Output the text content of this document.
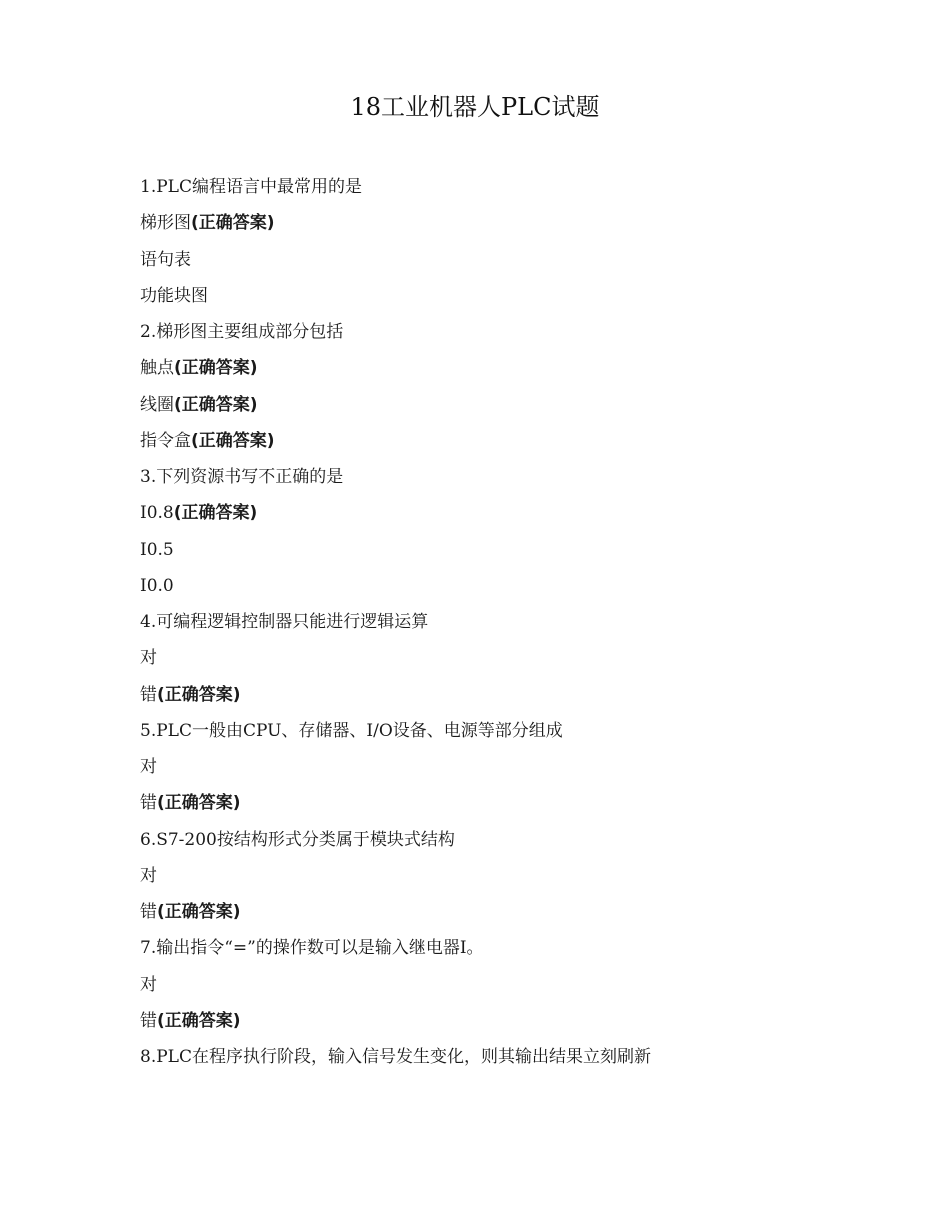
18工业机器人PLC试题
1.PLC编程语言中最常用的是
梯形图(正确答案)
语句表
功能块图
2.梯形图主要组成部分包括
触点(正确答案)
线圈(正确答案)
指令盒(正确答案)
3.下列资源书写不正确的是
I0.8(正确答案)
I0.5
I0.0
4.可编程逻辑控制器只能进行逻辑运算
对
错(正确答案)
5.PLC一般由CPU、存储器、I/O设备、电源等部分组成
对
错(正确答案)
6.S7-200按结构形式分类属于模块式结构
对
错(正确答案)
7.输出指令“=”的操作数可以是输入继电器I。
对
错(正确答案)
8.PLC在程序执行阶段，输入信号发生变化，则其输出结果立刻刷新
